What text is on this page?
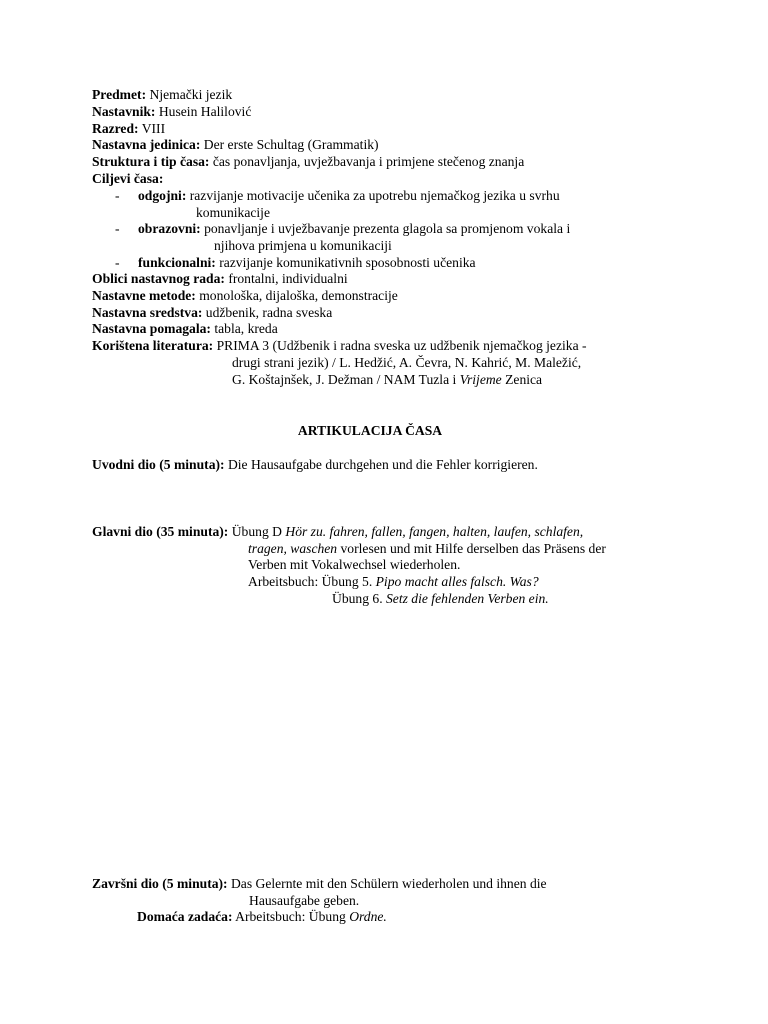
Predmet: Njemački jezik
Nastavnik: Husein Halilović
Razred: VIII
Nastavna jedinica: Der erste Schultag (Grammatik)
Struktura i tip časa: čas ponavljanja, uvježbavanja i primjene stečenog znanja
Ciljevi časa:
- odgojni: razvijanje motivacije učenika za upotrebu njemačkog jezika u svrhu
komunikacije
- obrazovni: ponavljanje i uvježbavanje prezenta glagola sa promjenom vokala i
njihova primjena u komunikaciji
- funkcionalni: razvijanje komunikativnih sposobnosti učenika
Oblici nastavnog rada: frontalni, individualni
Nastavne metode: monološka, dijaloška, demonstracije
Nastavna sredstva: udžbenik, radna sveska
Nastavna pomagala: tabla, kreda
Korištena literatura: PRIMA 3 (Udžbenik i radna sveska uz udžbenik njemačkog jezika -
drugi strani jezik) / L. Hedžić, A. Čevra, N. Kahrić, M. Maležić,
G. Koštajnšek, J. Dežman / NAM Tuzla i Vrijeme Zenica
ARTIKULACIJA ČASA
Uvodni dio (5 minuta): Die Hausaufgabe durchgehen und die Fehler korrigieren.
Glavni dio (35 minuta): Übung D Hör zu. fahren, fallen, fangen, halten, laufen, schlafen,
tragen, waschen vorlesen und mit Hilfe derselben das Präsens der
Verben mit Vokalwechsel wiederholen.
Arbeitsbuch: Übung 5. Pipo macht alles falsch. Was?
Übung 6. Setz die fehlenden Verben ein.
Završni dio (5 minuta): Das Gelernte mit den Schülern wiederholen und ihnen die
Hausaufgabe geben.
Domaća zadaća: Arbeitsbuch: Übung Ordne.
